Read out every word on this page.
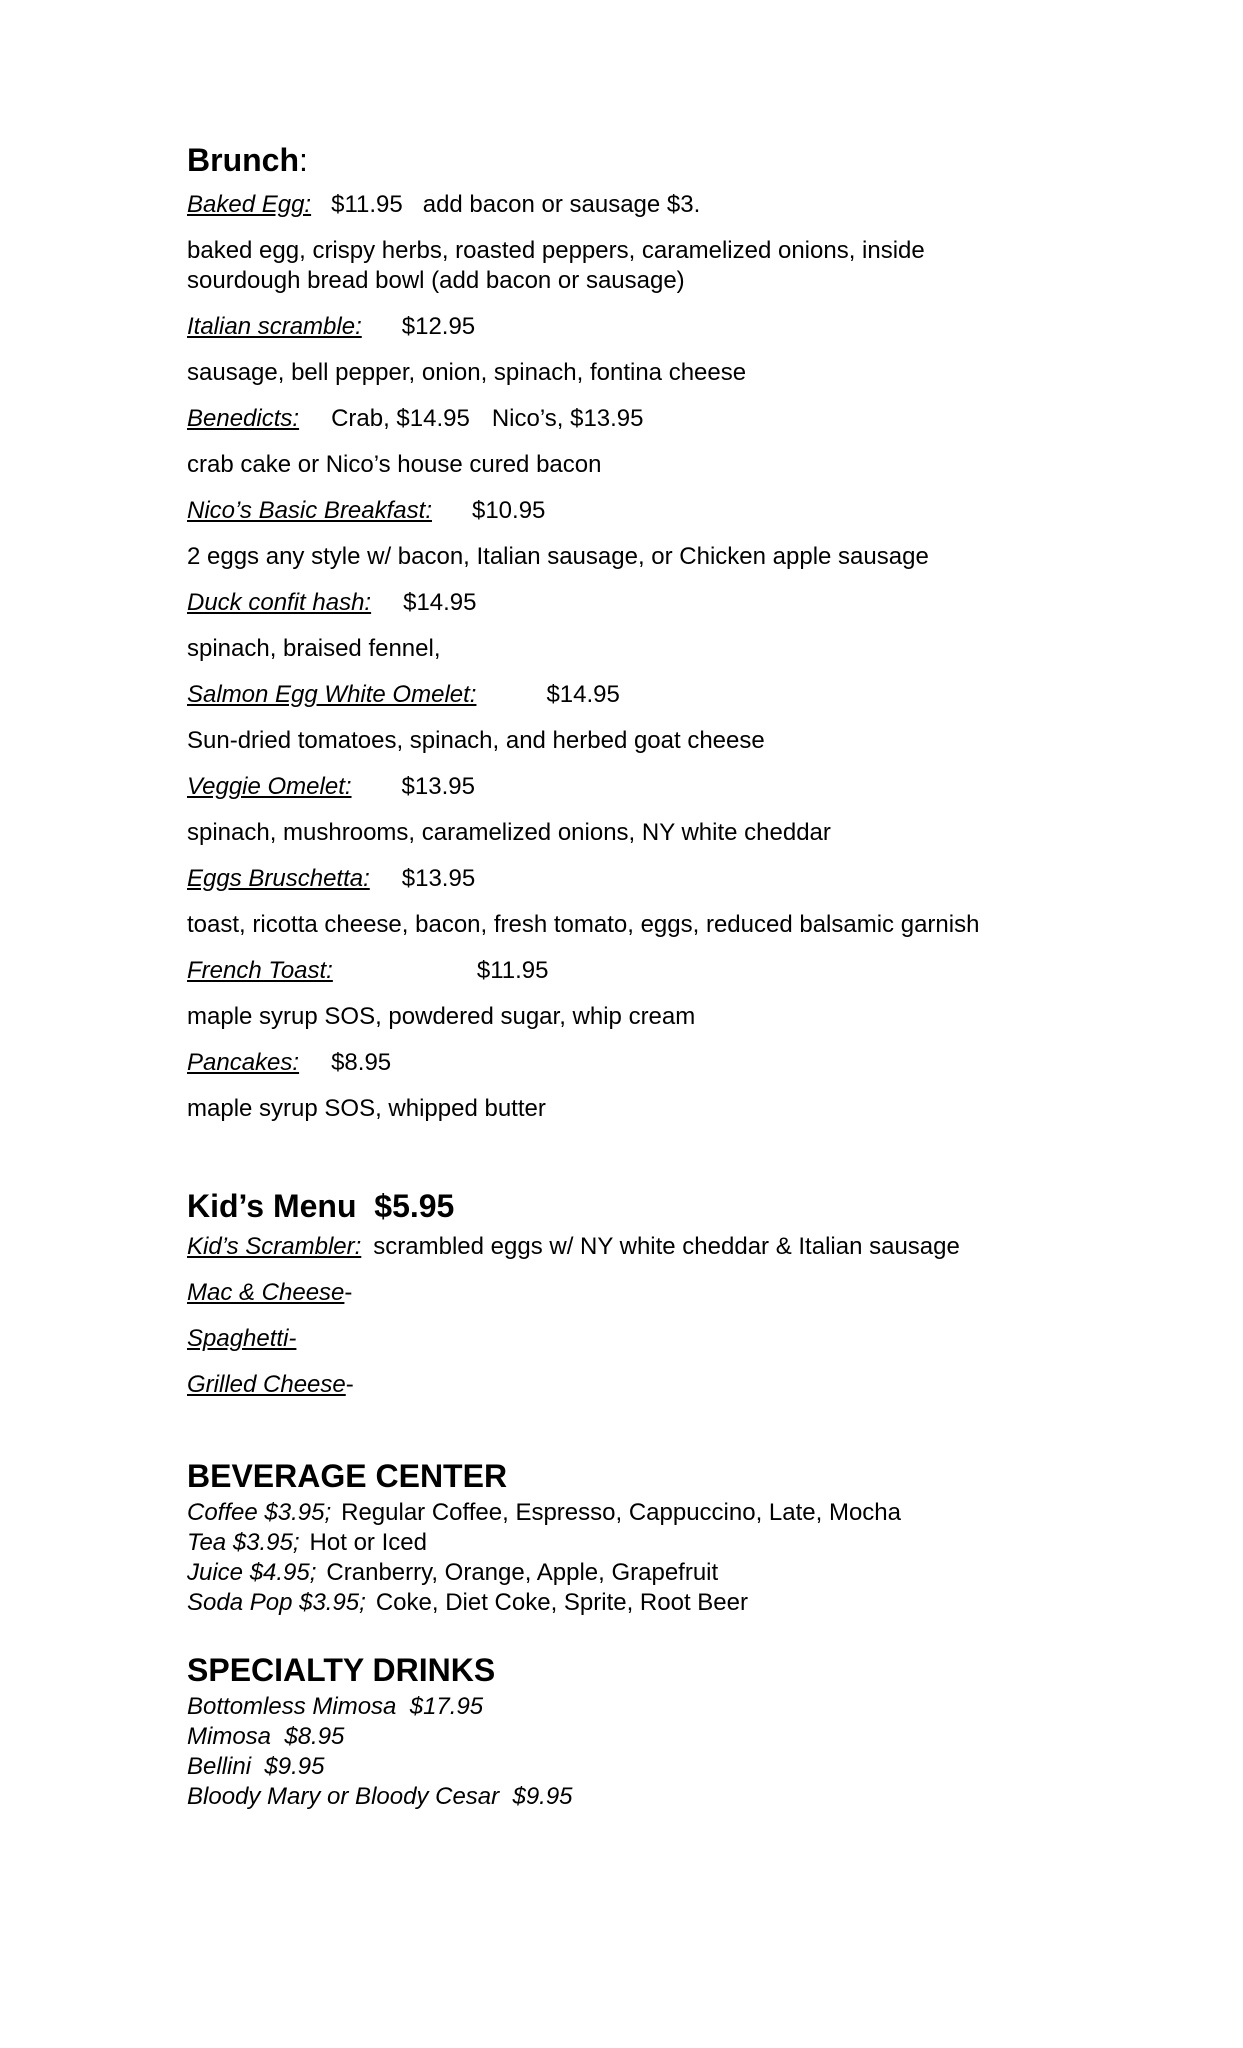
Brunch:
Baked Egg: $11.95 add bacon or sausage $3.
baked egg, crispy herbs, roasted peppers, caramelized onions, inside sourdough bread bowl (add bacon or sausage)
Italian scramble: $12.95
sausage, bell pepper, onion, spinach, fontina cheese
Benedicts: Crab, $14.95 Nico’s, $13.95
crab cake or Nico’s house cured bacon
Nico’s Basic Breakfast: $10.95
2 eggs any style w/ bacon, Italian sausage, or Chicken apple sausage
Duck confit hash: $14.95
spinach, braised fennel,
Salmon Egg White Omelet:	$14.95
Sun-dried tomatoes, spinach, and herbed goat cheese
Veggie Omelet: $13.95
spinach, mushrooms, caramelized onions, NY white cheddar
Eggs Bruschetta: $13.95
toast, ricotta cheese, bacon, fresh tomato, eggs, reduced balsamic garnish
French Toast:	$11.95
maple syrup SOS, powdered sugar, whip cream
Pancakes: $8.95
maple syrup SOS, whipped butter
Kid’s Menu  $5.95
Kid’s Scrambler: scrambled eggs w/ NY white cheddar & Italian sausage
Mac & Cheese-
Spaghetti-
Grilled Cheese-
BEVERAGE CENTER
Coffee $3.95; Regular Coffee, Espresso, Cappuccino, Late, Mocha
Tea $3.95; Hot or Iced
Juice $4.95; Cranberry, Orange, Apple, Grapefruit
Soda Pop $3.95; Coke, Diet Coke, Sprite, Root Beer
SPECIALTY DRINKS
Bottomless Mimosa  $17.95
Mimosa  $8.95
Bellini  $9.95
Bloody Mary or Bloody Cesar  $9.95
